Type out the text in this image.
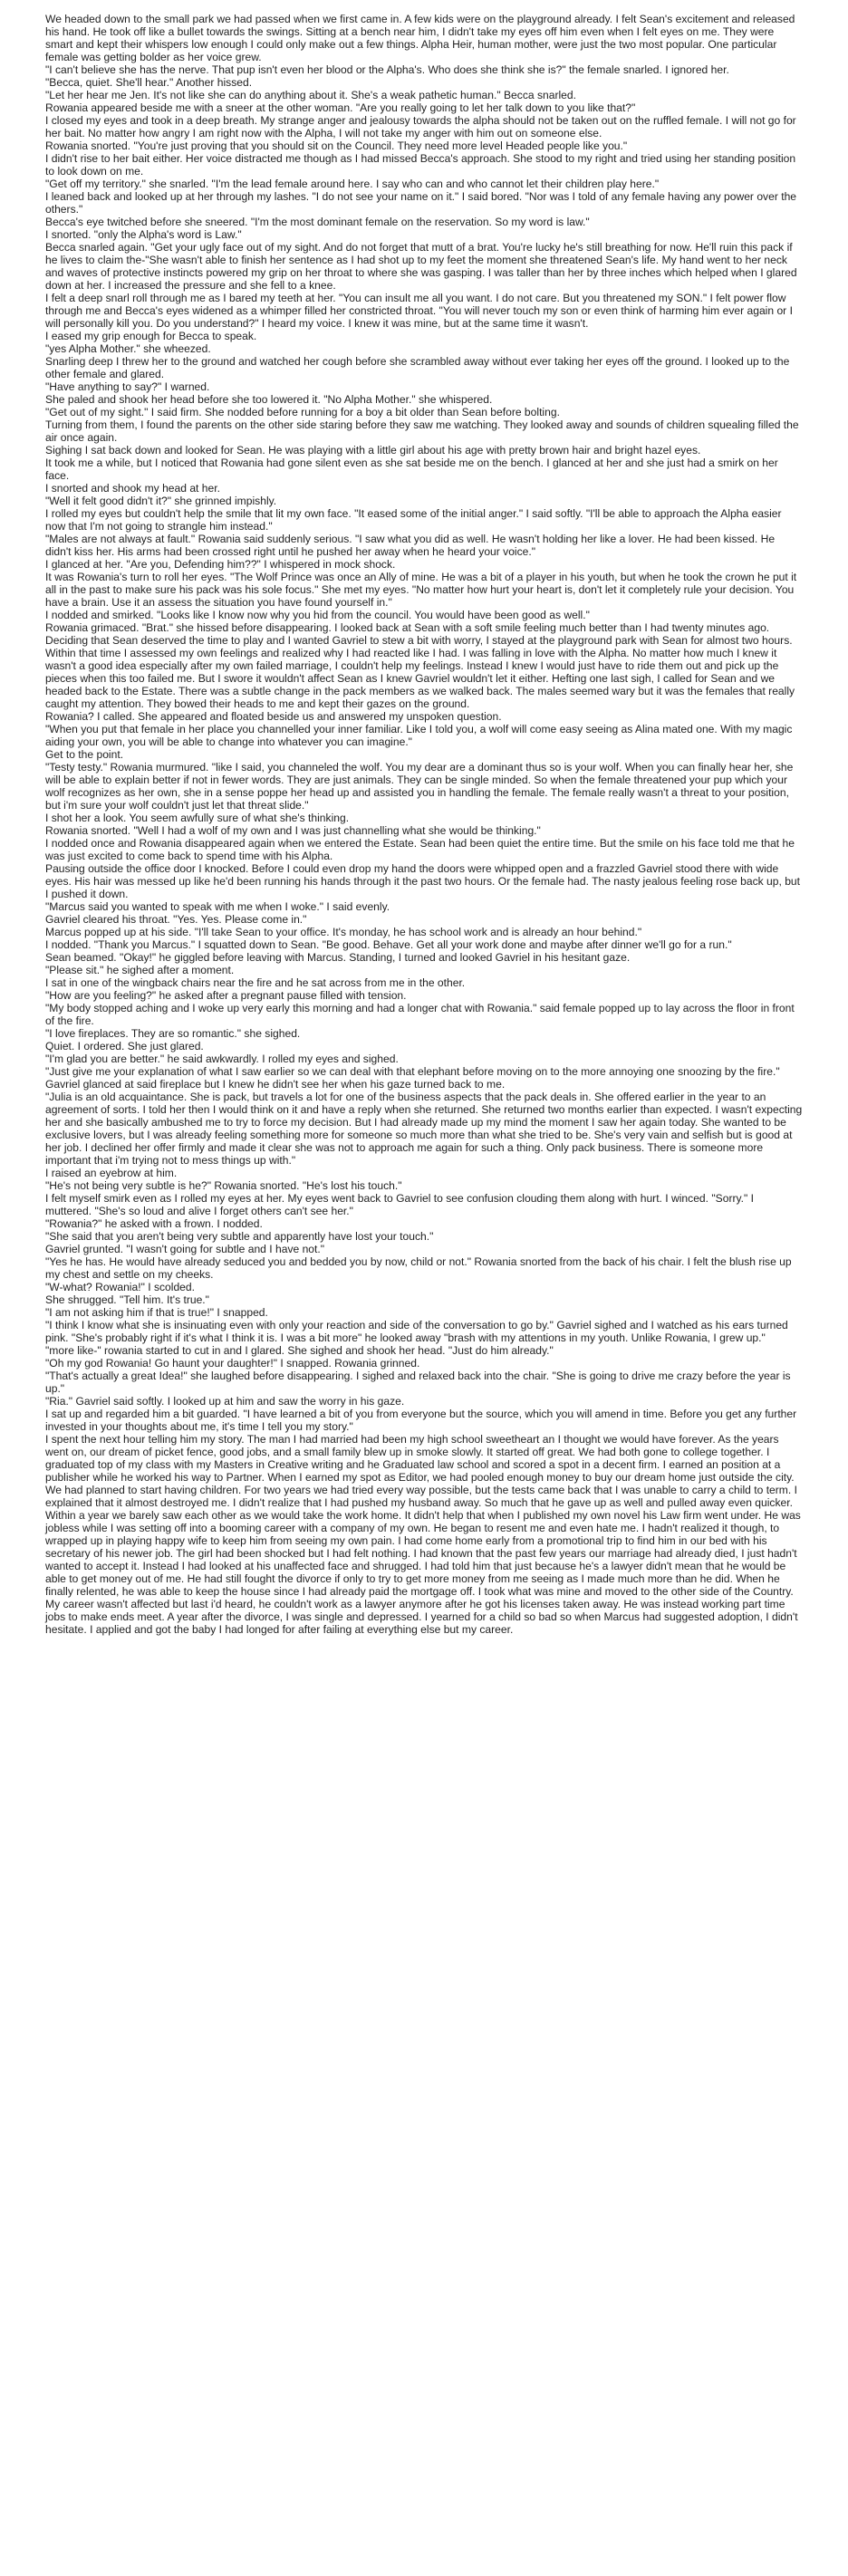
We headed down to the small park we had passed when we first came in. A few kids were on the playground already. I felt Sean's excitement and released his hand. He took off like a bullet towards the swings. Sitting at a bench near him, I didn't take my eyes off him even when I felt eyes on me. They were smart and kept their whispers low enough I could only make out a few things. Alpha Heir, human mother, were just the two most popular. One particular female was getting bolder as her voice grew.

"I can't believe she has the nerve. That pup isn't even her blood or the Alpha's. Who does she think she is?" the female snarled. I ignored her.

"Becca, quiet. She'll hear." Another hissed.

"Let her hear me Jen. It's not like she can do anything about it. She's a weak pathetic human." Becca snarled.

Rowania appeared beside me with a sneer at the other woman. "Are you really going to let her talk down to you like that?"

I closed my eyes and took in a deep breath. My strange anger and jealousy towards the alpha should not be taken out on the ruffled female. I will not go for her bait. No matter how angry I am right now with the Alpha, I will not take my anger with him out on someone else.

Rowania snorted. "You're just proving that you should sit on the Council. They need more level Headed people like you."

I didn't rise to her bait either. Her voice distracted me though as I had missed Becca's approach. She stood to my right and tried using her standing position to look down on me.

"Get off my territory." she snarled. "I'm the lead female around here. I say who can and who cannot let their children play here."

I leaned back and looked up at her through my lashes. "I do not see your name on it." I said bored. "Nor was I told of any female having any power over the others."

Becca's eye twitched before she sneered. "I'm the most dominant female on the reservation. So my word is law."

I snorted. "only the Alpha's word is Law."

Becca snarled again. "Get your ugly face out of my sight. And do not forget that mutt of a brat. You're lucky he's still breathing for now. He'll ruin this pack if he lives to claim the-"She wasn't able to finish her sentence as I had shot up to my feet the moment she threatened Sean's life. My hand went to her neck and waves of protective instincts powered my grip on her throat to where she was gasping. I was taller than her by three inches which helped when I glared down at her. I increased the pressure and she fell to a knee.

I felt a deep snarl roll through me as I bared my teeth at her. "You can insult me all you want. I do not care. But you threatened my SON." I felt power flow through me and Becca's eyes widened as a whimper filled her constricted throat. "You will never touch my son or even think of harming him ever again or I will personally kill you. Do you understand?" I heard my voice. I knew it was mine, but at the same time it wasn't.

I eased my grip enough for Becca to speak.

"yes Alpha Mother." she wheezed.

Snarling deep I threw her to the ground and watched her cough before she scrambled away without ever taking her eyes off the ground. I looked up to the other female and glared.

"Have anything to say?" I warned.

She paled and shook her head before she too lowered it. "No Alpha Mother." she whispered.

"Get out of my sight." I said firm. She nodded before running for a boy a bit older than Sean before bolting.

Turning from them, I found the parents on the other side staring before they saw me watching. They looked away and sounds of children squealing filled the air once again.

Sighing I sat back down and looked for Sean. He was playing with a little girl about his age with pretty brown hair and bright hazel eyes.

It took me a while, but I noticed that Rowania had gone silent even as she sat beside me on the bench. I glanced at her and she just had a smirk on her face.

I snorted and shook my head at her.

"Well it felt good didn't it?" she grinned impishly.

I rolled my eyes but couldn't help the smile that lit my own face. "It eased some of the initial anger." I said softly. "I'll be able to approach the Alpha easier now that I'm not going to strangle him instead."

"Males are not always at fault." Rowania said suddenly serious. "I saw what you did as well. He wasn't holding her like a lover. He had been kissed. He didn't kiss her. His arms had been crossed right until he pushed her away when he heard your voice."

I glanced at her. "Are you, Defending him??" I whispered in mock shock.

It was Rowania's turn to roll her eyes. "The Wolf Prince was once an Ally of mine. He was a bit of a player in his youth, but when he took the crown he put it all in the past to make sure his pack was his sole focus." She met my eyes. "No matter how hurt your heart is, don't let it completely rule your decision. You have a brain. Use it an assess the situation you have found yourself in."

I nodded and smirked. "Looks like I know now why you hid from the council. You would have been good as well."

Rowania grimaced. "Brat." she hissed before disappearing. I looked back at Sean with a soft smile feeling much better than I had twenty minutes ago. Deciding that Sean deserved the time to play and I wanted Gavriel to stew a bit with worry, I stayed at the playground park with Sean for almost two hours. Within that time I assessed my own feelings and realized why I had reacted like I had. I was falling in love with the Alpha. No matter how much I knew it wasn't a good idea especially after my own failed marriage, I couldn't help my feelings. Instead I knew I would just have to ride them out and pick up the pieces when this too failed me. But I swore it wouldn't affect Sean as I knew Gavriel wouldn't let it either. Hefting one last sigh, I called for Sean and we headed back to the Estate. There was a subtle change in the pack members as we walked back. The males seemed wary but it was the females that really caught my attention. They bowed their heads to me and kept their gazes on the ground.

Rowania? I called. She appeared and floated beside us and answered my unspoken question.

"When you put that female in her place you channelled your inner familiar. Like I told you, a wolf will come easy seeing as Alina mated one. With my magic aiding your own, you will be able to change into whatever you can imagine."

Get to the point.

"Testy testy." Rowania murmured. "like I said, you channeled the wolf. You my dear are a dominant thus so is your wolf. When you can finally hear her, she will be able to explain better if not in fewer words. They are just animals. They can be single minded. So when the female threatened your pup which your wolf recognizes as her own, she in a sense poppe her head up and assisted you in handling the female. The female really wasn't a threat to your position, but i'm sure your wolf couldn't just let that threat slide."

I shot her a look. You seem awfully sure of what she's thinking.

Rowania snorted. "Well I had a wolf of my own and I was just channelling what she would be thinking."

I nodded once and Rowania disappeared again when we entered the Estate. Sean had been quiet the entire time. But the smile on his face told me that he was just excited to come back to spend time with his Alpha.

Pausing outside the office door I knocked. Before I could even drop my hand the doors were whipped open and a frazzled Gavriel stood there with wide eyes. His hair was messed up like he'd been running his hands through it the past two hours. Or the female had. The nasty jealous feeling rose back up, but I pushed it down.

"Marcus said you wanted to speak with me when I woke." I said evenly.

Gavriel cleared his throat. "Yes. Yes. Please come in."

Marcus popped up at his side. "I'll take Sean to your office. It's monday, he has school work and is already an hour behind."

I nodded. "Thank you Marcus." I squatted down to Sean. "Be good. Behave. Get all your work done and maybe after dinner we'll go for a run."

Sean beamed. "Okay!" he giggled before leaving with Marcus. Standing, I turned and looked Gavriel in his hesitant gaze.

"Please sit." he sighed after a moment.

I sat in one of the wingback chairs near the fire and he sat across from me in the other.

"How are you feeling?" he asked after a pregnant pause filled with tension.

"My body stopped aching and I woke up very early this morning and had a longer chat with Rowania." said female popped up to lay across the floor in front of the fire.

"I love fireplaces. They are so romantic." she sighed.

Quiet. I ordered. She just glared.

"I'm glad you are better." he said awkwardly. I rolled my eyes and sighed.

"Just give me your explanation of what I saw earlier so we can deal with that elephant before moving on to the more annoying one snoozing by the fire."

Gavriel glanced at said fireplace but I knew he didn't see her when his gaze turned back to me.

"Julia is an old acquaintance. She is pack, but travels a lot for one of the business aspects that the pack deals in. She offered earlier in the year to an agreement of sorts. I told her then I would think on it and have a reply when she returned. She returned two months earlier than expected. I wasn't expecting her and she basically ambushed me to try to force my decision. But I had already made up my mind the moment I saw her again today. She wanted to be exclusive lovers, but I was already feeling something more for someone so much more than what she tried to be. She's very vain and selfish but is good at her job. I declined her offer firmly and made it clear she was not to approach me again for such a thing. Only pack business. There is someone more important that i'm trying not to mess things up with."

I raised an eyebrow at him.

"He's not being very subtle is he?" Rowania snorted. "He's lost his touch."

I felt myself smirk even as I rolled my eyes at her. My eyes went back to Gavriel to see confusion clouding them along with hurt. I winced. "Sorry." I muttered. "She's so loud and alive I forget others can't see her."

"Rowania?" he asked with a frown. I nodded.

"She said that you aren't being very subtle and apparently have lost your touch."

Gavriel grunted. "I wasn't going for subtle and I have not."

"Yes he has. He would have already seduced you and bedded you by now, child or not." Rowania snorted from the back of his chair. I felt the blush rise up my chest and settle on my cheeks.

"W-what? Rowania!" I scolded.

She shrugged. "Tell him. It's true."

"I am not asking him if that is true!" I snapped.

"I think I know what she is insinuating even with only your reaction and side of the conversation to go by." Gavriel sighed and I watched as his ears turned pink. "She's probably right if it's what I think it is. I was a bit more" he looked away "brash with my attentions in my youth. Unlike Rowania, I grew up."

"more like-" rowania started to cut in and I glared. She sighed and shook her head. "Just do him already."

"Oh my god Rowania! Go haunt your daughter!" I snapped. Rowania grinned.

"That's actually a great Idea!" she laughed before disappearing. I sighed and relaxed back into the chair. "She is going to drive me crazy before the year is up."

"Ria." Gavriel said softly. I looked up at him and saw the worry in his gaze.

I sat up and regarded him a bit guarded. "I have learned a bit of you from everyone but the source, which you will amend in time. Before you get any further invested in your thoughts about me, it's time I tell you my story."

I spent the next hour telling him my story. The man I had married had been my high school sweetheart an I thought we would have forever. As the years went on, our dream of picket fence, good jobs, and a small family blew up in smoke slowly. It started off great. We had both gone to college together. I graduated top of my class with my Masters in Creative writing and he Graduated law school and scored a spot in a decent firm. I earned an position at a publisher while he worked his way to Partner. When I earned my spot as Editor, we had pooled enough money to buy our dream home just outside the city. We had planned to start having children. For two years we had tried every way possible, but the tests came back that I was unable to carry a child to term. I explained that it almost destroyed me. I didn't realize that I had pushed my husband away. So much that he gave up as well and pulled away even quicker. Within a year we barely saw each other as we would take the work home. It didn't help that when I published my own novel his Law firm went under. He was jobless while I was setting off into a booming career with a company of my own. He began to resent me and even hate me. I hadn't realized it though, to wrapped up in playing happy wife to keep him from seeing my own pain. I had come home early from a promotional trip to find him in our bed with his secretary of his newer job. The girl had been shocked but I had felt nothing. I had known that the past few years our marriage had already died, I just hadn't wanted to accept it. Instead I had looked at his unaffected face and shrugged. I had told him that just because he's a lawyer didn't mean that he would be able to get money out of me. He had still fought the divorce if only to try to get more money from me seeing as I made much more than he did. When he finally relented, he was able to keep the house since I had already paid the mortgage off. I took what was mine and moved to the other side of the Country. My career wasn't affected but last i'd heard, he couldn't work as a lawyer anymore after he got his licenses taken away. He was instead working part time jobs to make ends meet. A year after the divorce, I was single and depressed. I yearned for a child so bad so when Marcus had suggested adoption, I didn't hesitate. I applied and got the baby I had longed for after failing at everything else but my career.
